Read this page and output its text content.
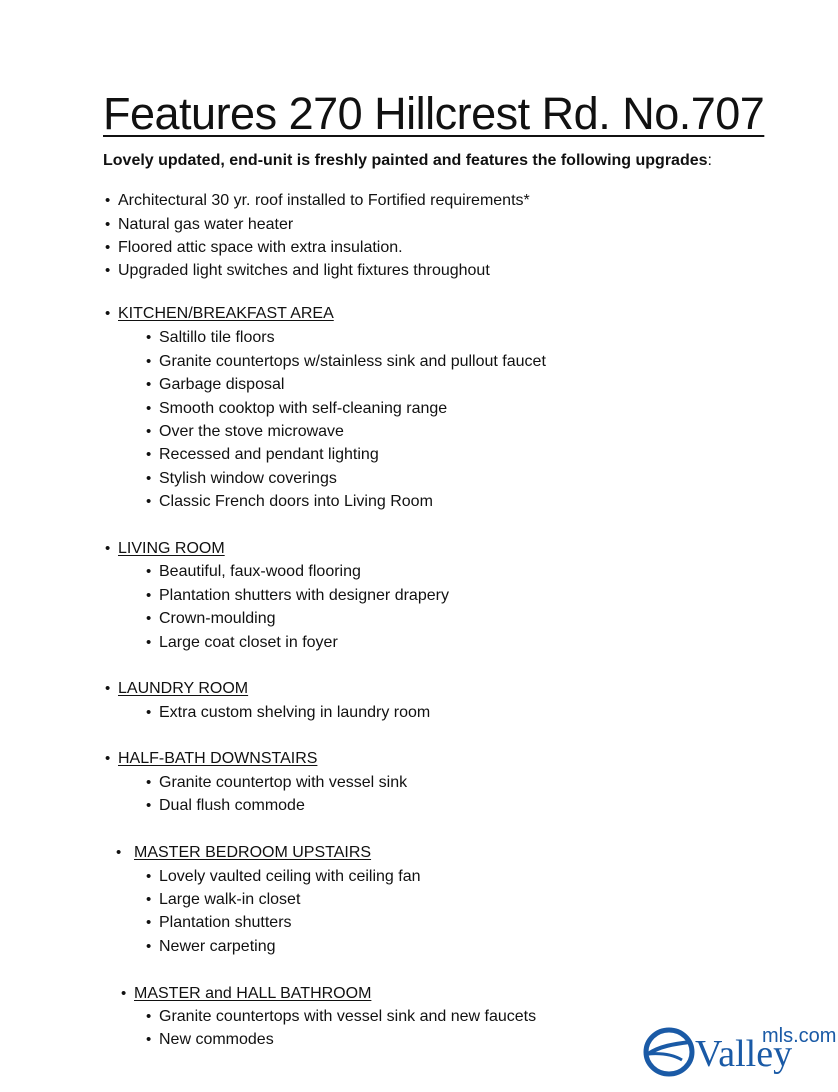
Features 270 Hillcrest Rd. No.707
Lovely updated, end-unit is freshly painted and features the following upgrades:
• Architectural 30 yr. roof installed to Fortified requirements*
• Natural gas water heater
• Floored attic space with extra insulation.
• Upgraded light switches and light fixtures throughout
• KITCHEN/BREAKFAST AREA
• Saltillo tile floors
• Granite countertops w/stainless sink and pullout faucet
• Garbage disposal
• Smooth cooktop with self-cleaning range
• Over the stove microwave
• Recessed and pendant lighting
• Stylish window coverings
• Classic French doors into Living Room
• LIVING ROOM
• Beautiful, faux-wood flooring
• Plantation shutters with designer drapery
• Crown-moulding
• Large coat closet in foyer
• LAUNDRY ROOM
• Extra custom shelving in laundry room
• HALF-BATH DOWNSTAIRS
• Granite countertop with vessel sink
• Dual flush commode
• MASTER BEDROOM UPSTAIRS
• Lovely vaulted ceiling with ceiling fan
• Large walk-in closet
• Plantation shutters
• Newer carpeting
• MASTER and HALL BATHROOM
• Granite countertops with vessel sink and new faucets
• New commodes	Valley
mls.com
